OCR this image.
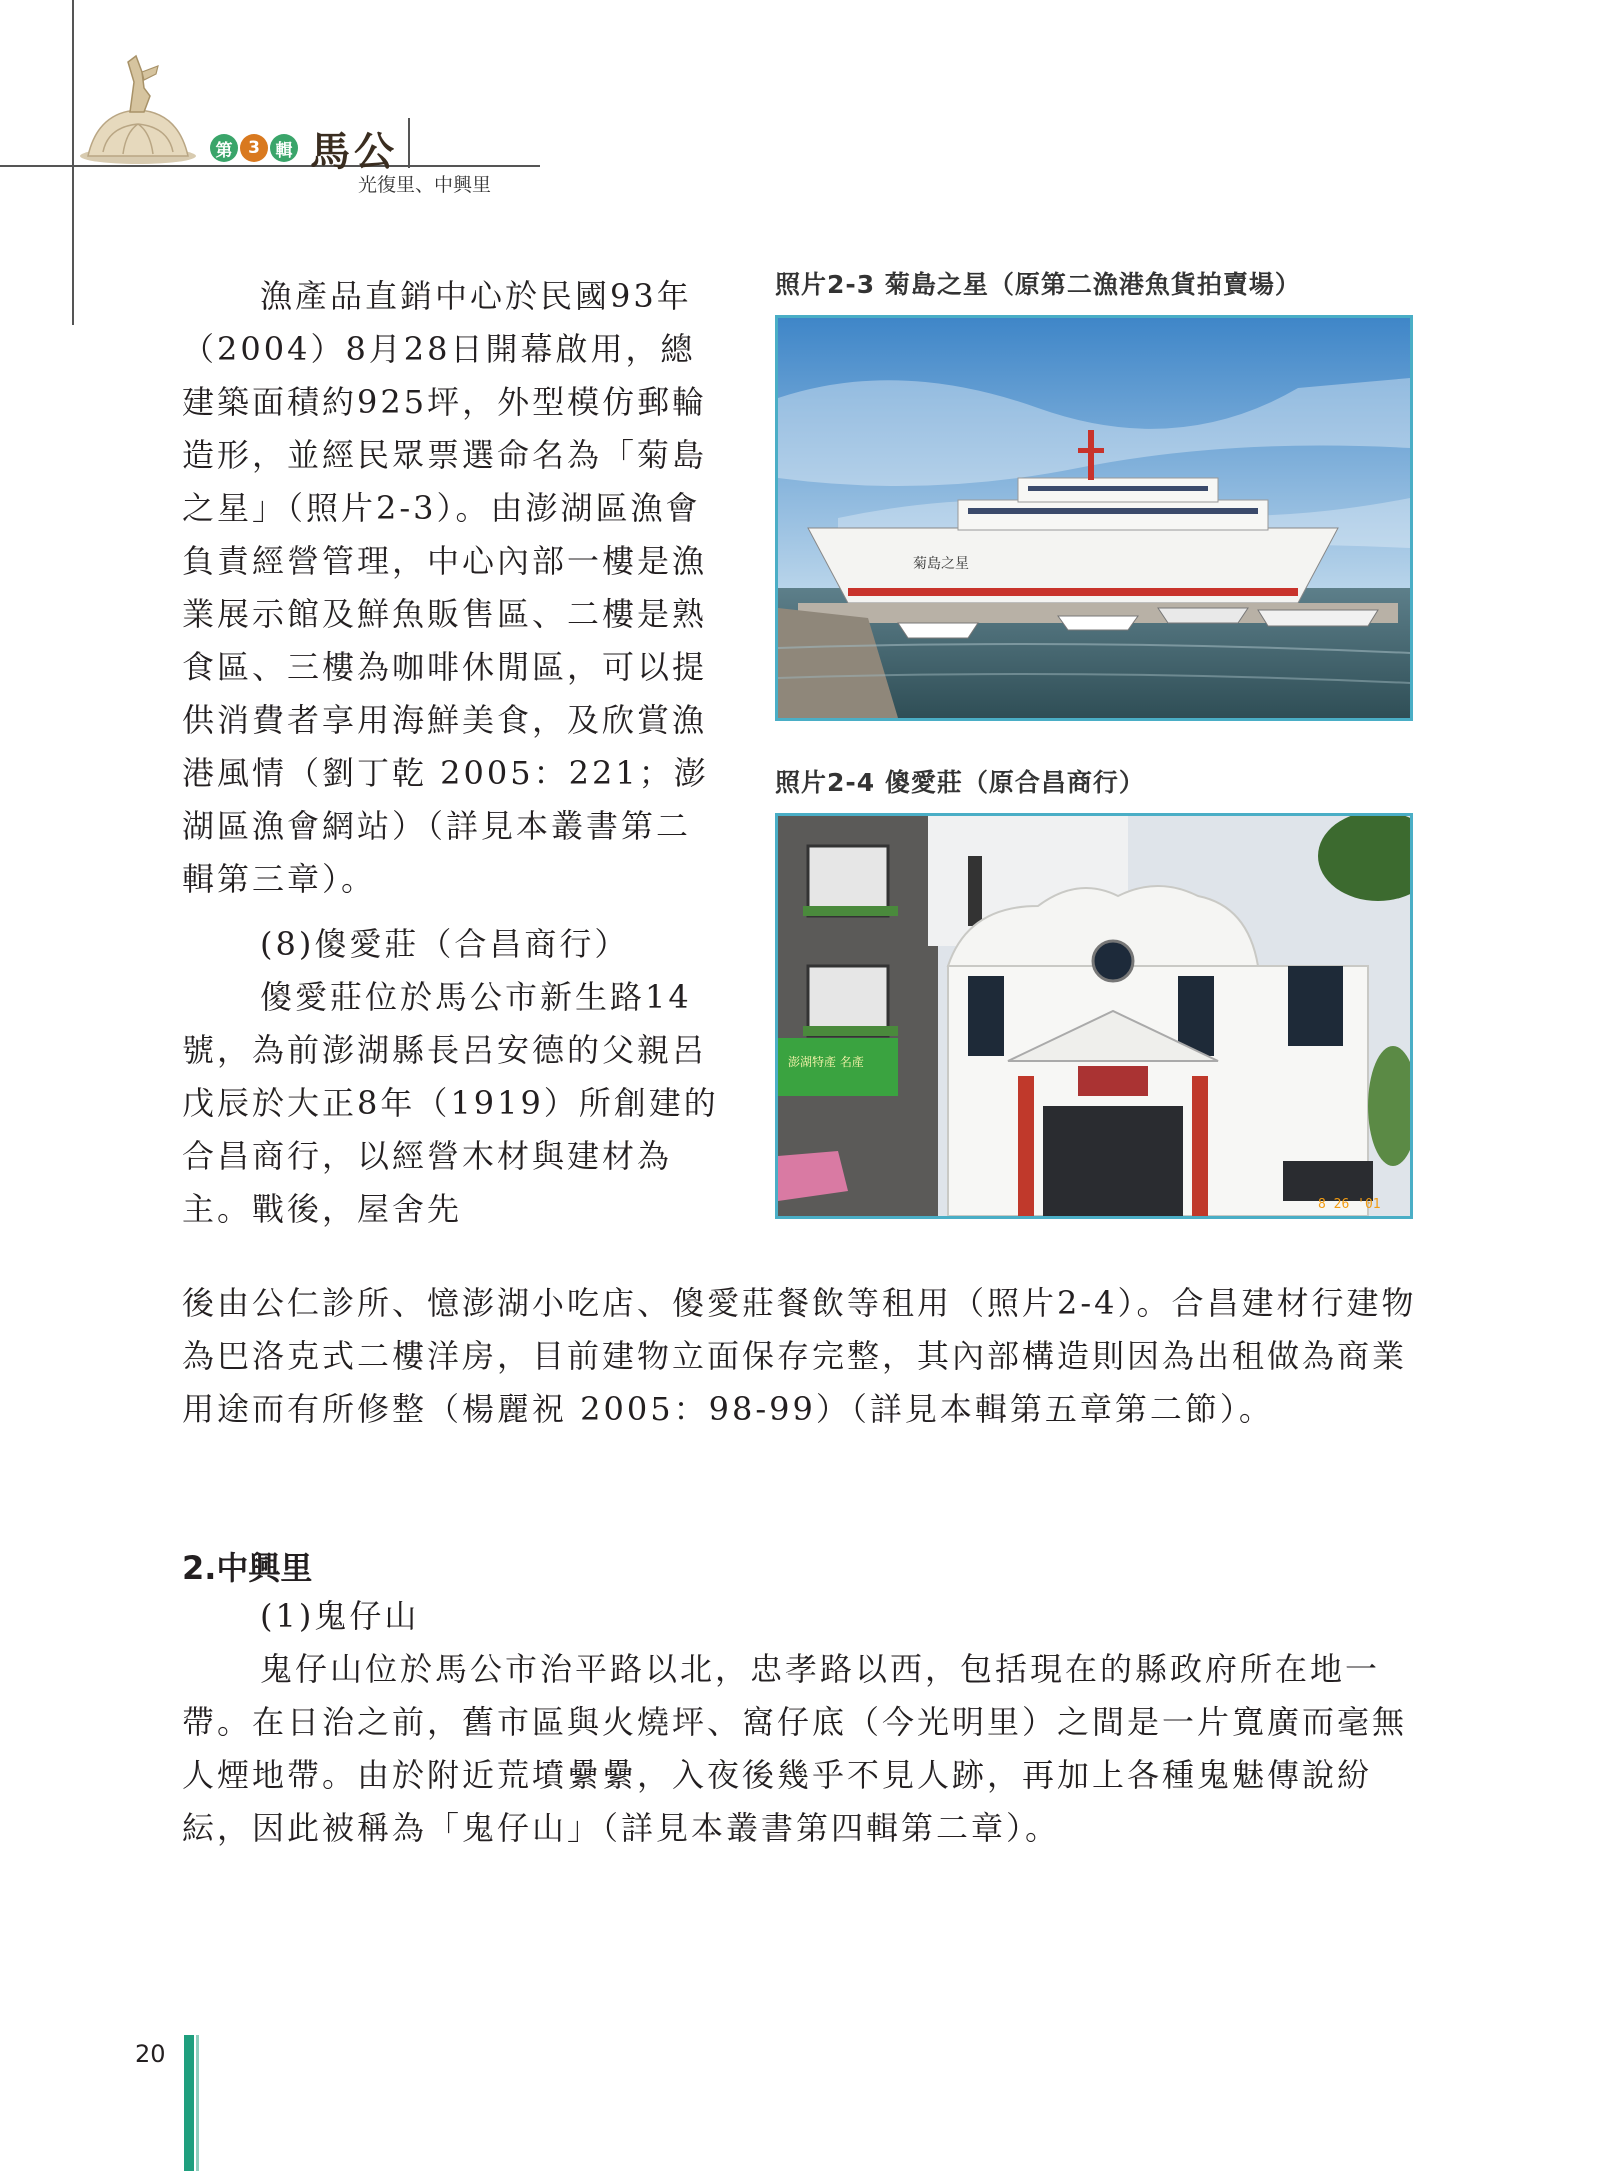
第 3 輯 馬公
光復里、中興里

漁產品直銷中心於民國93年（2004）8月28日開幕啟用，總建築面積約925坪，外型模仿郵輪造形，並經民眾票選命名為「菊島之星」（照片2-3）。由澎湖區漁會負責經營管理，中心內部一樓是漁業展示館及鮮魚販售區、二樓是熟食區、三樓為咖啡休閒區，可以提供消費者享用海鮮美食，及欣賞漁港風情（劉丁乾 2005：221；澎湖區漁會網站）（詳見本叢書第二輯第三章）。

(8)傻愛莊（合昌商行）

傻愛莊位於馬公市新生路14號，為前澎湖縣長呂安德的父親呂戊辰於大正8年（1919）所創建的合昌商行，以經營木材與建材為主。戰後，屋舍先

後由公仁診所、憶澎湖小吃店、傻愛莊餐飲等租用（照片2-4）。合昌建材行建物為巴洛克式二樓洋房，目前建物立面保存完整，其內部構造則因為出租做為商業用途而有所修整（楊麗祝 2005：98-99）（詳見本輯第五章第二節）。

2.中興里

(1)鬼仔山

鬼仔山位於馬公市治平路以北，忠孝路以西，包括現在的縣政府所在地一帶。在日治之前，舊市區與火燒坪、窩仔底（今光明里）之間是一片寬廣而毫無人煙地帶。由於附近荒墳纍纍，入夜後幾乎不見人跡，再加上各種鬼魅傳說紛紜，因此被稱為「鬼仔山」（詳見本叢書第四輯第二章）。

照片2-3 菊島之星（原第二漁港魚貨拍賣場）
菊島之星
照片2-4 傻愛莊（原合昌商行）
澎湖特產 名產
8 26 '01
20
